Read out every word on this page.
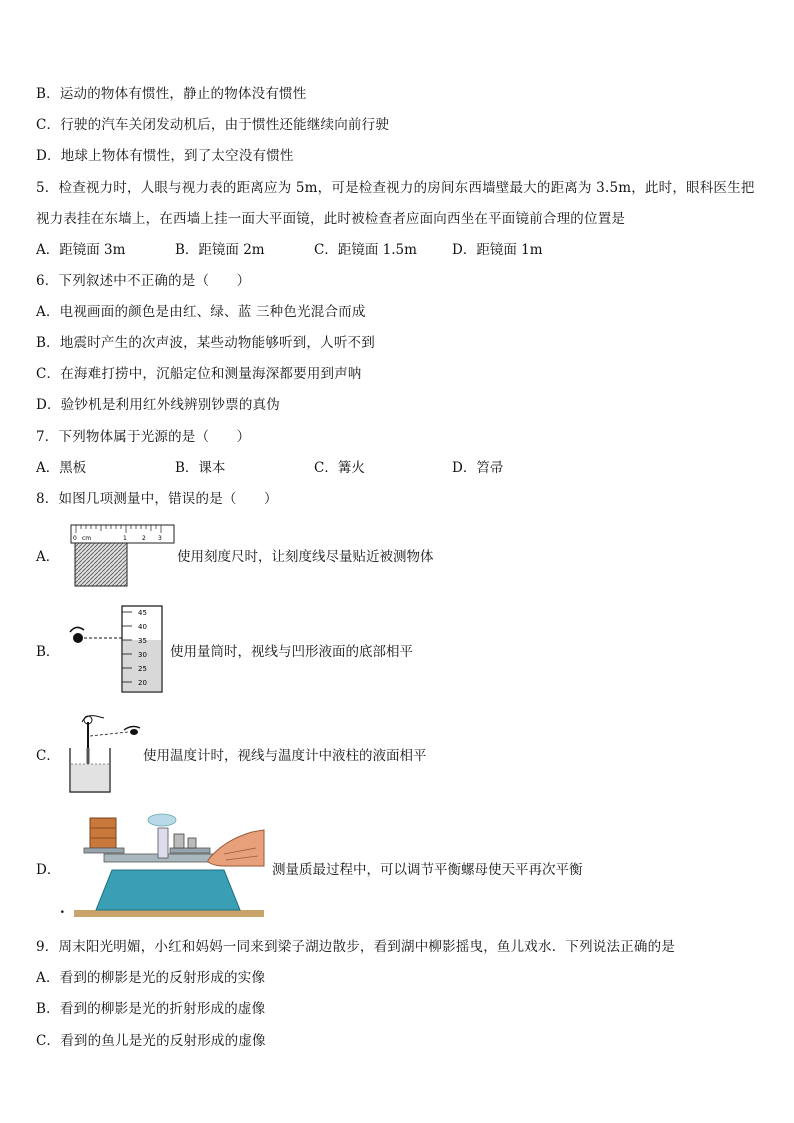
B．运动的物体有惯性，静止的物体没有惯性
C．行驶的汽车关闭发动机后，由于惯性还能继续向前行驶
D．地球上物体有惯性，到了太空没有惯性
5．检查视力时，人眼与视力表的距离应为 5m，可是检查视力的房间东西墙壁最大的距离为 3.5m，此时，眼科医生把
视力表挂在东墙上，在西墙上挂一面大平面镜，此时被检查者应面向西坐在平面镜前合理的位置是
A．距镜面 3m	B．距镜面 2m	C．距镜面 1.5m	D．距镜面 1m
6．下列叙述中不正确的是（　　）
A．电视画面的颜色是由红、绿、蓝 三种色光混合而成
B．地震时产生的次声波，某些动物能够听到，人听不到
C．在海难打捞中，沉船定位和测量海深都要用到声呐
D．验钞机是利用红外线辨别钞票的真伪
7．下列物体属于光源的是（　　）
A．黑板	B．课本	C．篝火	D．笤帚
8．如图几项测量中，错误的是（　　）
A．
0 cm	1	2 3
使用刻度尺时，让刻度线尽量贴近被测物体
B．
45
40
35
30
25
20
使用量筒时，视线与凹形液面的底部相平
C．	使用温度计时，视线与温度计中液柱的液面相平
D．	测量质最过程中，可以调节平衡螺母使天平再次平衡
.
9．周末阳光明媚，小红和妈妈一同来到梁子湖边散步，看到湖中柳影摇曳，鱼儿戏水．下列说法正确的是
A．看到的柳影是光的反射形成的实像
B．看到的柳影是光的折射形成的虚像
C．看到的鱼儿是光的反射形成的虚像
